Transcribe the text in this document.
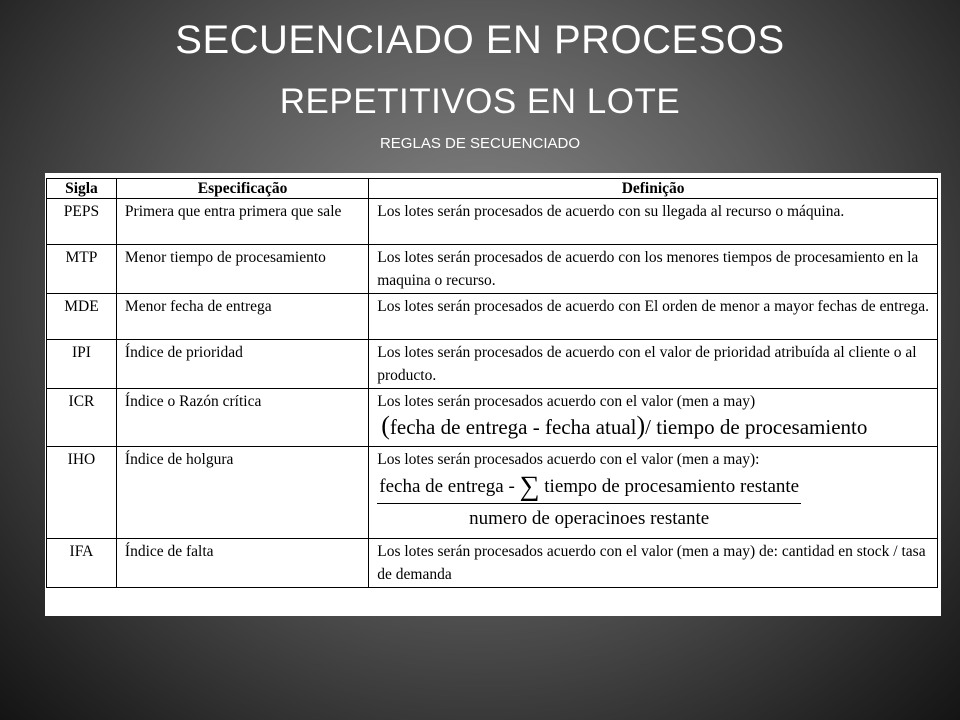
SECUENCIADO EN PROCESOS
REPETITIVOS EN LOTE
REGLAS DE SECUENCIADO
Sigla	Especificação	Definição
PEPS	Primera que entra primera que sale	Los lotes serán procesados de acuerdo con su llegada al recurso o máquina.
MTP	Menor tiempo de procesamiento	Los lotes serán procesados de acuerdo con los menores tiempos de procesamiento en la maquina o recurso.
MDE	Menor fecha de entrega	Los lotes serán procesados de acuerdo con El orden de menor a mayor fechas de entrega.
IPI	Índice de prioridad	Los lotes serán procesados de acuerdo con el valor de prioridad atribuída al cliente o al producto.
ICR	Índice o Razón crítica	Los lotes serán procesados acuerdo con el valor (men a may)
(fecha de entrega - fecha atual)/ tiempo de procesamiento

IHO	Índice de holgura	Los lotes serán procesados acuerdo con el valor (men a may):
$\frac{\text{fecha de entrega - ∑ tiempo de procesamiento restante}}{\text{numero de operacinoes restante}}$

IFA	Índice de falta	Los lotes serán procesados acuerdo con el valor (men a may) de: cantidad en stock / tasa de demanda
